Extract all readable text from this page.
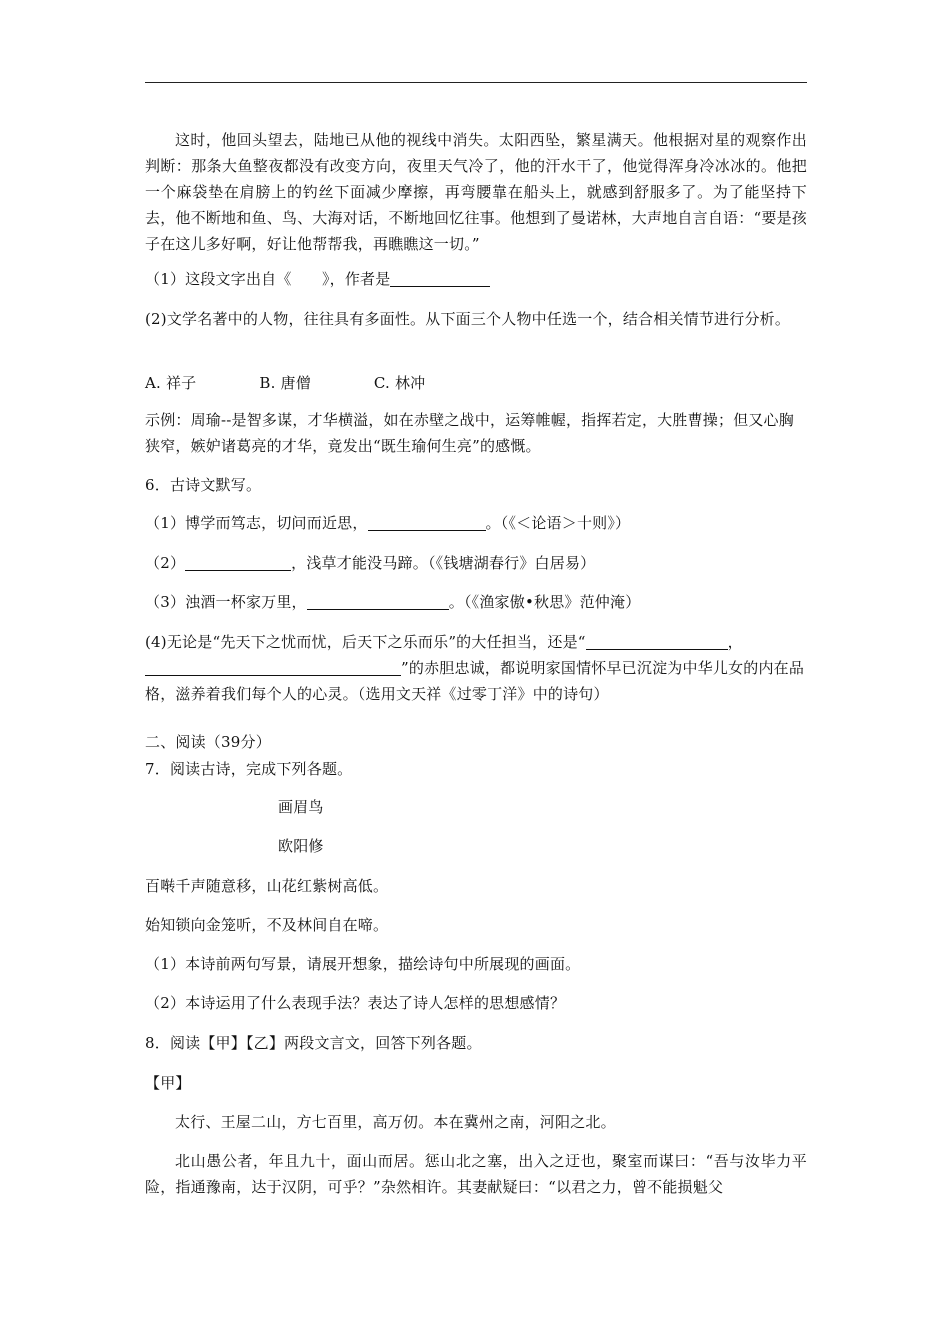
这时，他回头望去，陆地已从他的视线中消失。太阳西坠，繁星满天。他根据对星的观察作出判断：那条大鱼整夜都没有改变方向，夜里天气冷了，他的汗水干了，他觉得浑身冷冰冰的。他把一个麻袋垫在肩膀上的钓丝下面减少摩擦，再弯腰靠在船头上，就感到舒服多了。为了能坚持下去，他不断地和鱼、鸟、大海对话，不断地回忆往事。他想到了曼诺林，大声地自言自语：“要是孩子在这儿多好啊，好让他帮帮我，再瞧瞧这一切。”
（1）这段文字出自《　　》，作者是
(2)文学名著中的人物，往往具有多面性。从下面三个人物中任选一个，结合相关情节进行分析。
A. 祥子	B. 唐僧	C. 林冲
示例：周瑜--是智多谋，才华横溢，如在赤壁之战中，运筹帷幄，指挥若定，大胜曹操；但又心胸狭窄，嫉妒诸葛亮的才华，竟发出“既生瑜何生亮”的感慨。
6．古诗文默写。
（1）博学而笃志，切问而近思，	。（《＜论语＞十则》）
（2）	，浅草才能没马蹄。（《钱塘湖春行》白居易）
（3）浊酒一杯家万里，	。（《渔家傲•秋思》范仲淹）
(4)无论是“先天下之忧而忧，后天下之乐而乐”的大任担当，还是“	，
”的赤胆忠诚，都说明家国情怀早已沉淀为中华儿女的内在品格，滋养着我们每个人的心灵。（选用文天祥《过零丁洋》中的诗句）
二、阅读（39分）
7．阅读古诗，完成下列各题。
画眉鸟
欧阳修
百啭千声随意移，山花红紫树高低。
始知锁向金笼听，不及林间自在啼。
（1）本诗前两句写景，请展开想象，描绘诗句中所展现的画面。
（2）本诗运用了什么表现手法？表达了诗人怎样的思想感情？
8．阅读【甲】【乙】两段文言文，回答下列各题。
【甲】
太行、王屋二山，方七百里，高万仞。本在冀州之南，河阳之北。
北山愚公者，年且九十，面山而居。惩山北之塞，出入之迂也，聚室而谋曰：“吾与汝毕力平险，指通豫南，达于汉阴，可乎？”杂然相许。其妻献疑曰：“以君之力，曾不能损魁父
